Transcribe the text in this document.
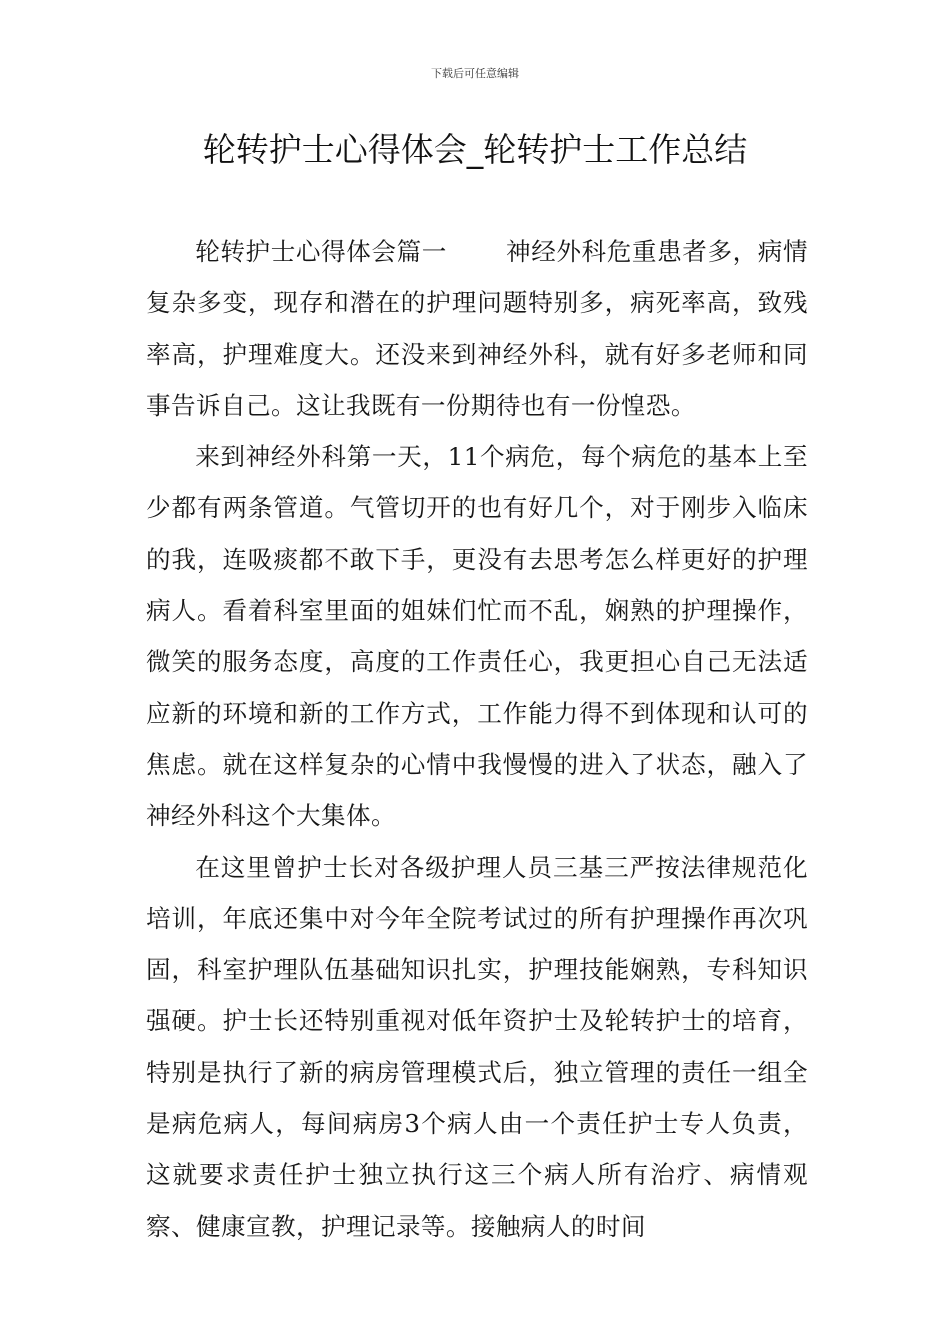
下载后可任意编辑
轮转护士心得体会_轮转护士工作总结

轮转护士心得体会篇一 神经外科危重患者多，病情复杂多变，现存和潜在的护理问题特别多，病死率高，致残率高，护理难度大。还没来到神经外科，就有好多老师和同事告诉自己。这让我既有一份期待也有一份惶恐。

来到神经外科第一天，11个病危，每个病危的基本上至少都有两条管道。气管切开的也有好几个，对于刚步入临床的我，连吸痰都不敢下手，更没有去思考怎么样更好的护理病人。看着科室里面的姐妹们忙而不乱，娴熟的护理操作，微笑的服务态度，高度的工作责任心，我更担心自己无法适应新的环境和新的工作方式，工作能力得不到体现和认可的焦虑。就在这样复杂的心情中我慢慢的进入了状态，融入了神经外科这个大集体。

在这里曾护士长对各级护理人员三基三严按法律规范化培训，年底还集中对今年全院考试过的所有护理操作再次巩固，科室护理队伍基础知识扎实，护理技能娴熟，专科知识强硬。护士长还特别重视对低年资护士及轮转护士的培育，特别是执行了新的病房管理模式后，独立管理的责任一组全是病危病人，每间病房3个病人由一个责任护士专人负责，这就要求责任护士独立执行这三个病人所有治疗、病情观察、健康宣教，护理记录等。接触病人的时间
